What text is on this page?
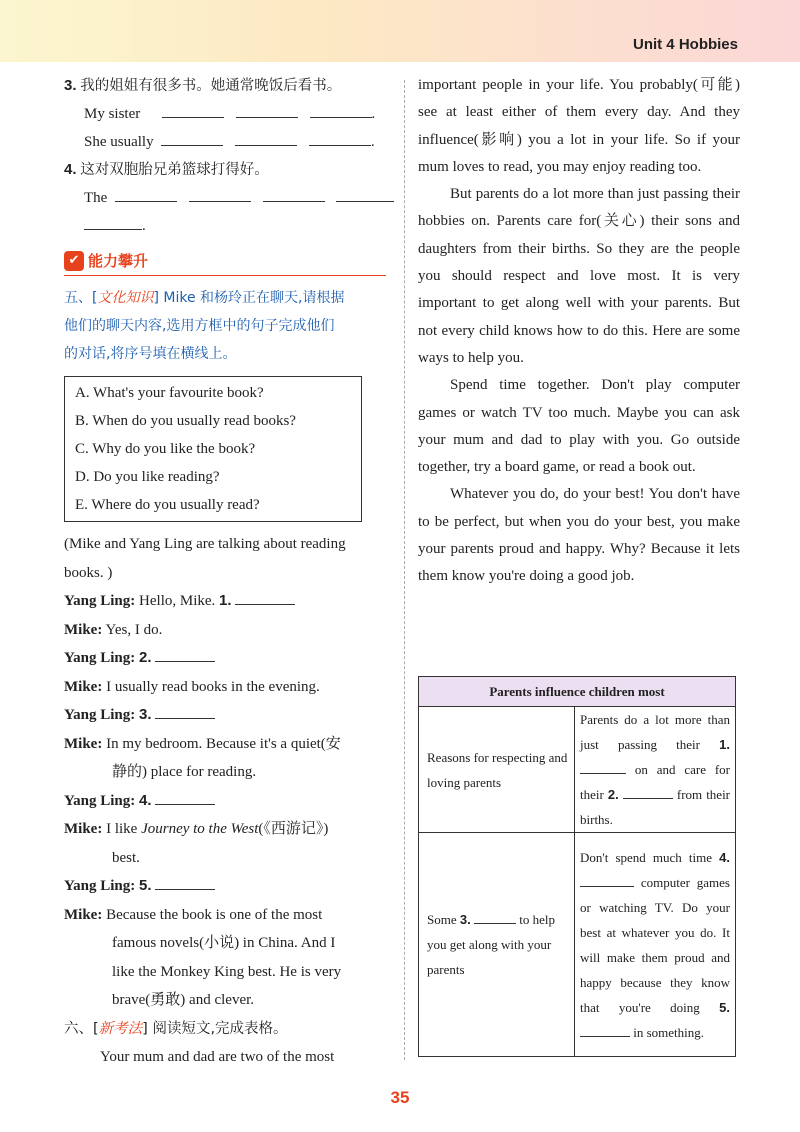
Unit 4 Hobbies
3. 我的姐姐有很多书。她通常晚饭后看书。
My sister	.
She usually	.
4. 这对双胞胎兄弟篮球打得好。
The
.
✔ 能力攀升
五、[文化知识] Mike 和杨玲正在聊天,请根据
他们的聊天内容,选用方框中的句子完成他们
的对话,将序号填在横线上。
A. What's your favourite book?
B. When do you usually read books?
C. Why do you like the book?
D. Do you like reading?
E. Where do you usually read?
(Mike and Yang Ling are talking about reading
books. )
Yang Ling: Hello, Mike. 1.
Mike: Yes, I do.
Yang Ling: 2.
Mike: I usually read books in the evening.
Yang Ling: 3.
Mike: In my bedroom. Because it's a quiet(安
静的) place for reading.
Yang Ling: 4.
Mike: I like Journey to the West(《西游记》)
best.
Yang Ling: 5.
Mike: Because the book is one of the most
famous novels(小说) in China. And I
like the Monkey King best. He is very
brave(勇敢) and clever.
六、[新考法] 阅读短文,完成表格。
Your mum and dad are two of the most

important people in your life. You probably(可能) see at least either of them every day. And they influence(影响) you a lot in your life. So if your mum loves to read, you may enjoy reading too.

But parents do a lot more than just passing their hobbies on. Parents care for(关心) their sons and daughters from their births. So they are the people you should respect and love most. It is very important to get along well with your parents. But not every child knows how to do this. Here are some ways to help you.

Spend time together. Don't play computer games or watch TV too much. Maybe you can ask your mum and dad to play with you. Go outside together, try a board game, or read a book out.

Whatever you do, do your best! You don't have to be perfect, but when you do your best, you make your parents proud and happy. Why? Because it lets them know you're doing a good job.

Parents influence children most	
Reasons for respecting and loving parents	Parents do a lot more than just passing their 1.  on and care for their 2. from their births.
Some 3. to help you get along with your parents	Don't spend much time 4.  computer games or watching TV. Do your best at whatever you do. It will make them proud and happy because they know that you're doing 5.  in something.
35
